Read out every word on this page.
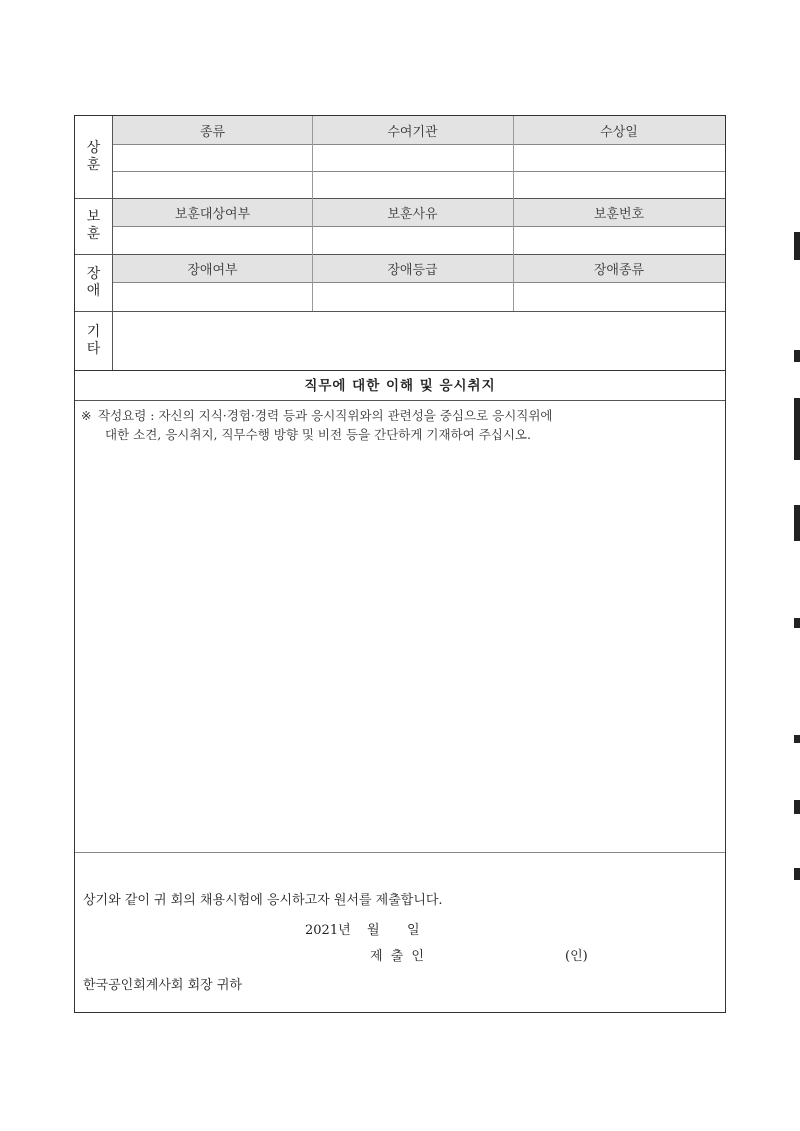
상
훈
종류	수여기관	수상일
보
훈
보훈대상여부	보훈사유	보훈번호
장
애
장애여부	장애등급	장애종류
기
타
직무에 대한 이해 및 응시취지
※ 작성요령 : 자신의 지식·경험·경력 등과 응시직위와의 관련성을 중심으로 응시직위에
대한 소견, 응시취지, 직무수행 방향 및 비전 등을 간단하게 기재하여 주십시오.
상기와 같이 귀 회의 채용시험에 응시하고자 원서를 제출합니다.
2021년 월 일
제 출 인	(인)
한국공인회계사회 회장 귀하
